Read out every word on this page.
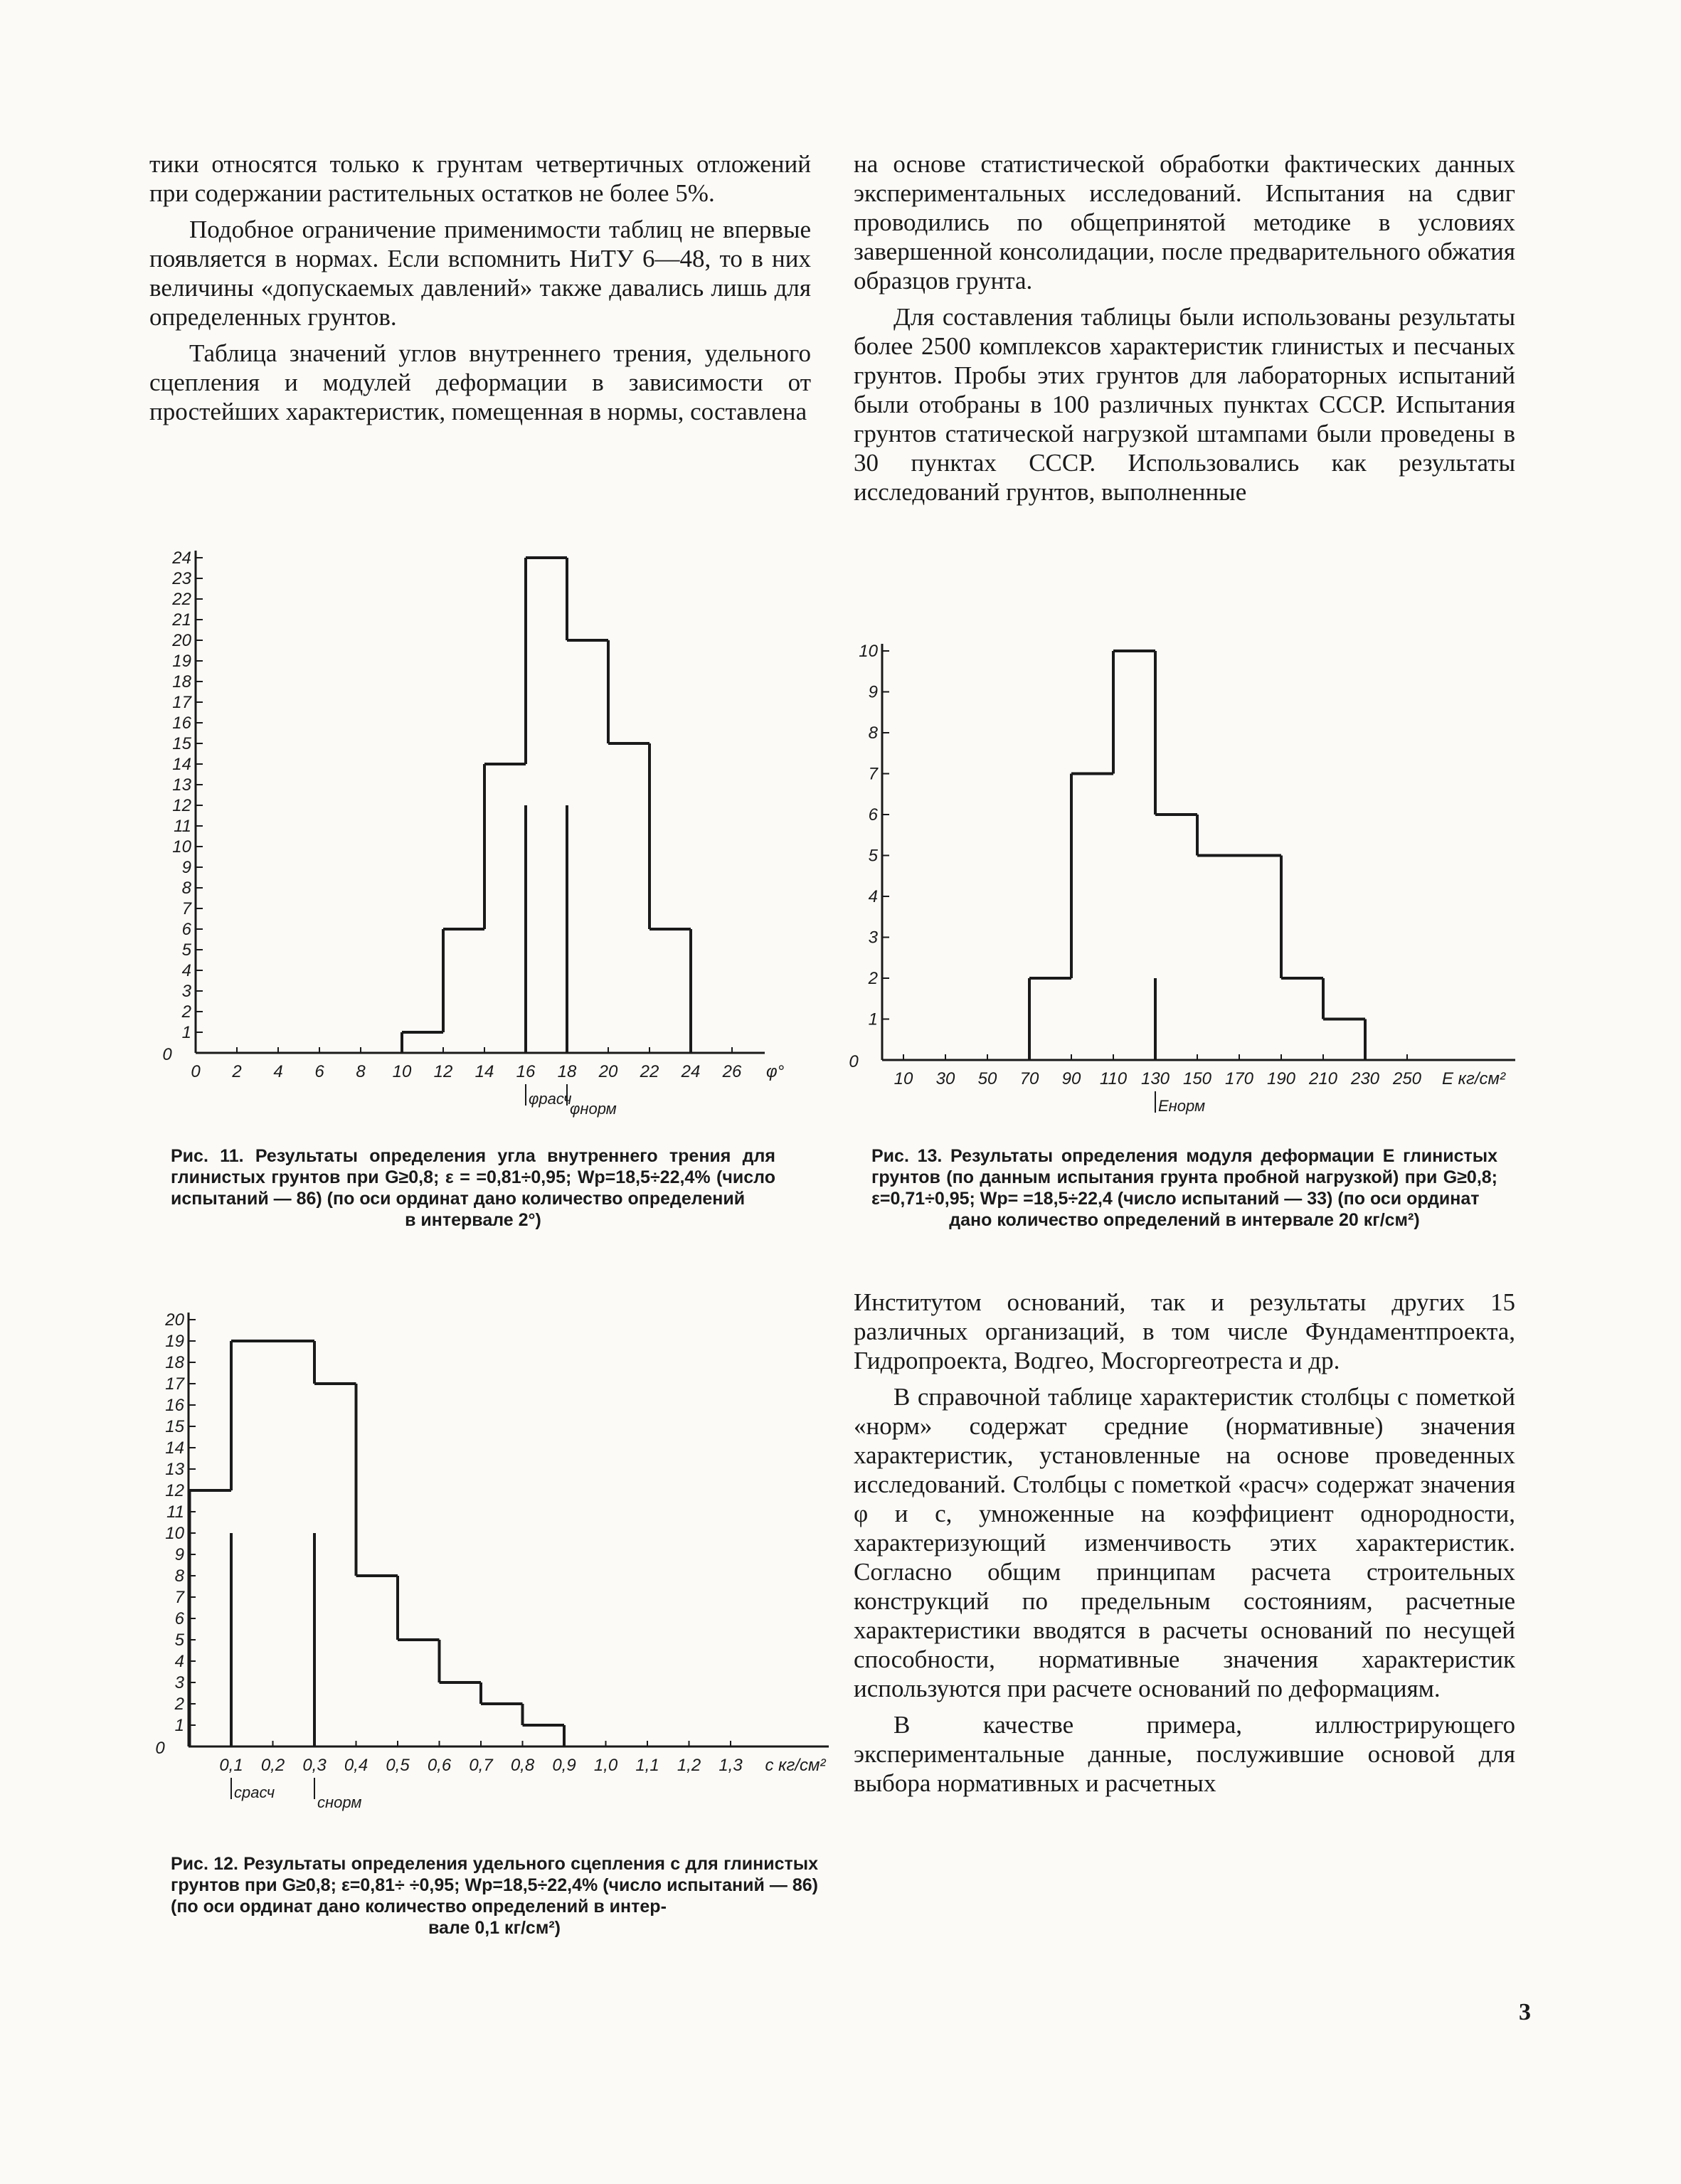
тики относятся только к грунтам четвертичных отложений при содержании растительных остатков не более 5%.

Подобное ограничение применимости таблиц не впервые появляется в нормах. Если вспомнить НиТУ 6—48, то в них величины «допускаемых давлений» также давались лишь для определенных грунтов.

Таблица значений углов внутреннего трения, удельного сцепления и модулей деформации в зависимости от простейших характеристик, помещенная в нормы, составлена

на основе статистической обработки фактических данных экспериментальных исследований. Испытания на сдвиг проводились по общепринятой методике в условиях завершенной консолидации, после предварительного обжатия образцов грунта.

Для составления таблицы были использованы результаты более 2500 комплексов характеристик глинистых и песчаных грунтов. Пробы этих грунтов для лабораторных испытаний были отобраны в 100 различных пунктах СССР. Испытания грунтов статической нагрузкой штампами были проведены в 30 пунктах СССР. Использовались как результаты исследований грунтов, выполненные

1
2
3
4
5
6
7
8
9
10
11
12
13
14
15
16
17
18
19
20
21
22
23
24
0
0 2 4 6 8 10 12 14 16 18 20 22 24 26 φ°
φрасч
φнорм
Рис. 11. Результаты определения угла внутреннего трения для глинистых грунтов при G≥0,8; ε = =0,81÷0,95; Wp=18,5÷22,4% (число испытаний — 86) (по оси ординат дано количество определений
в интервале 2°)
1
2
3
4
5
6
7
8
9
10
0
10 30 50 70 90 110 130 150 170 190 210 230 250 E кг/см²
Eнорм
Рис. 13. Результаты определения модуля деформации E глинистых грунтов (по данным испытания грунта пробной нагрузкой) при G≥0,8; ε=0,71÷0,95; Wp= =18,5÷22,4 (число испытаний — 33) (по оси ординат
дано количество определений в интервале 20 кг/см²)

Институтом оснований, так и результаты других 15 различных организаций, в том числе Фундаментпроекта, Гидропроекта, Водгео, Мосгоргеотреста и др.

В справочной таблице характеристик столбцы с пометкой «норм» содержат средние (нормативные) значения характеристик, установленные на основе проведенных исследований. Столбцы с пометкой «расч» содержат значения φ и c, умноженные на коэффициент однородности, характеризующий изменчивость этих характеристик. Согласно общим принципам расчета строительных конструкций по предельным состояниям, расчетные характеристики вводятся в расчеты оснований по несущей способности, нормативные значения характеристик используются при расчете оснований по деформациям.

В качестве примера, иллюстрирующего экспериментальные данные, послужившие основой для выбора нормативных и расчетных

1
2
3
4
5
6
7
8
9
10
11
12
13
14
15
16
17
18
19
20
0
0,1 0,2 0,3 0,4 0,5 0,6 0,7 0,8 0,9 1,0 1,1 1,2 1,3 c кг/см²
cрасч
cнорм
Рис. 12. Результаты определения удельного сцепления c для глинистых грунтов при G≥0,8; ε=0,81÷ ÷0,95; Wp=18,5÷22,4% (число испытаний — 86) (по оси ординат дано количество определений в интер-
вале 0,1 кг/см²)
3
